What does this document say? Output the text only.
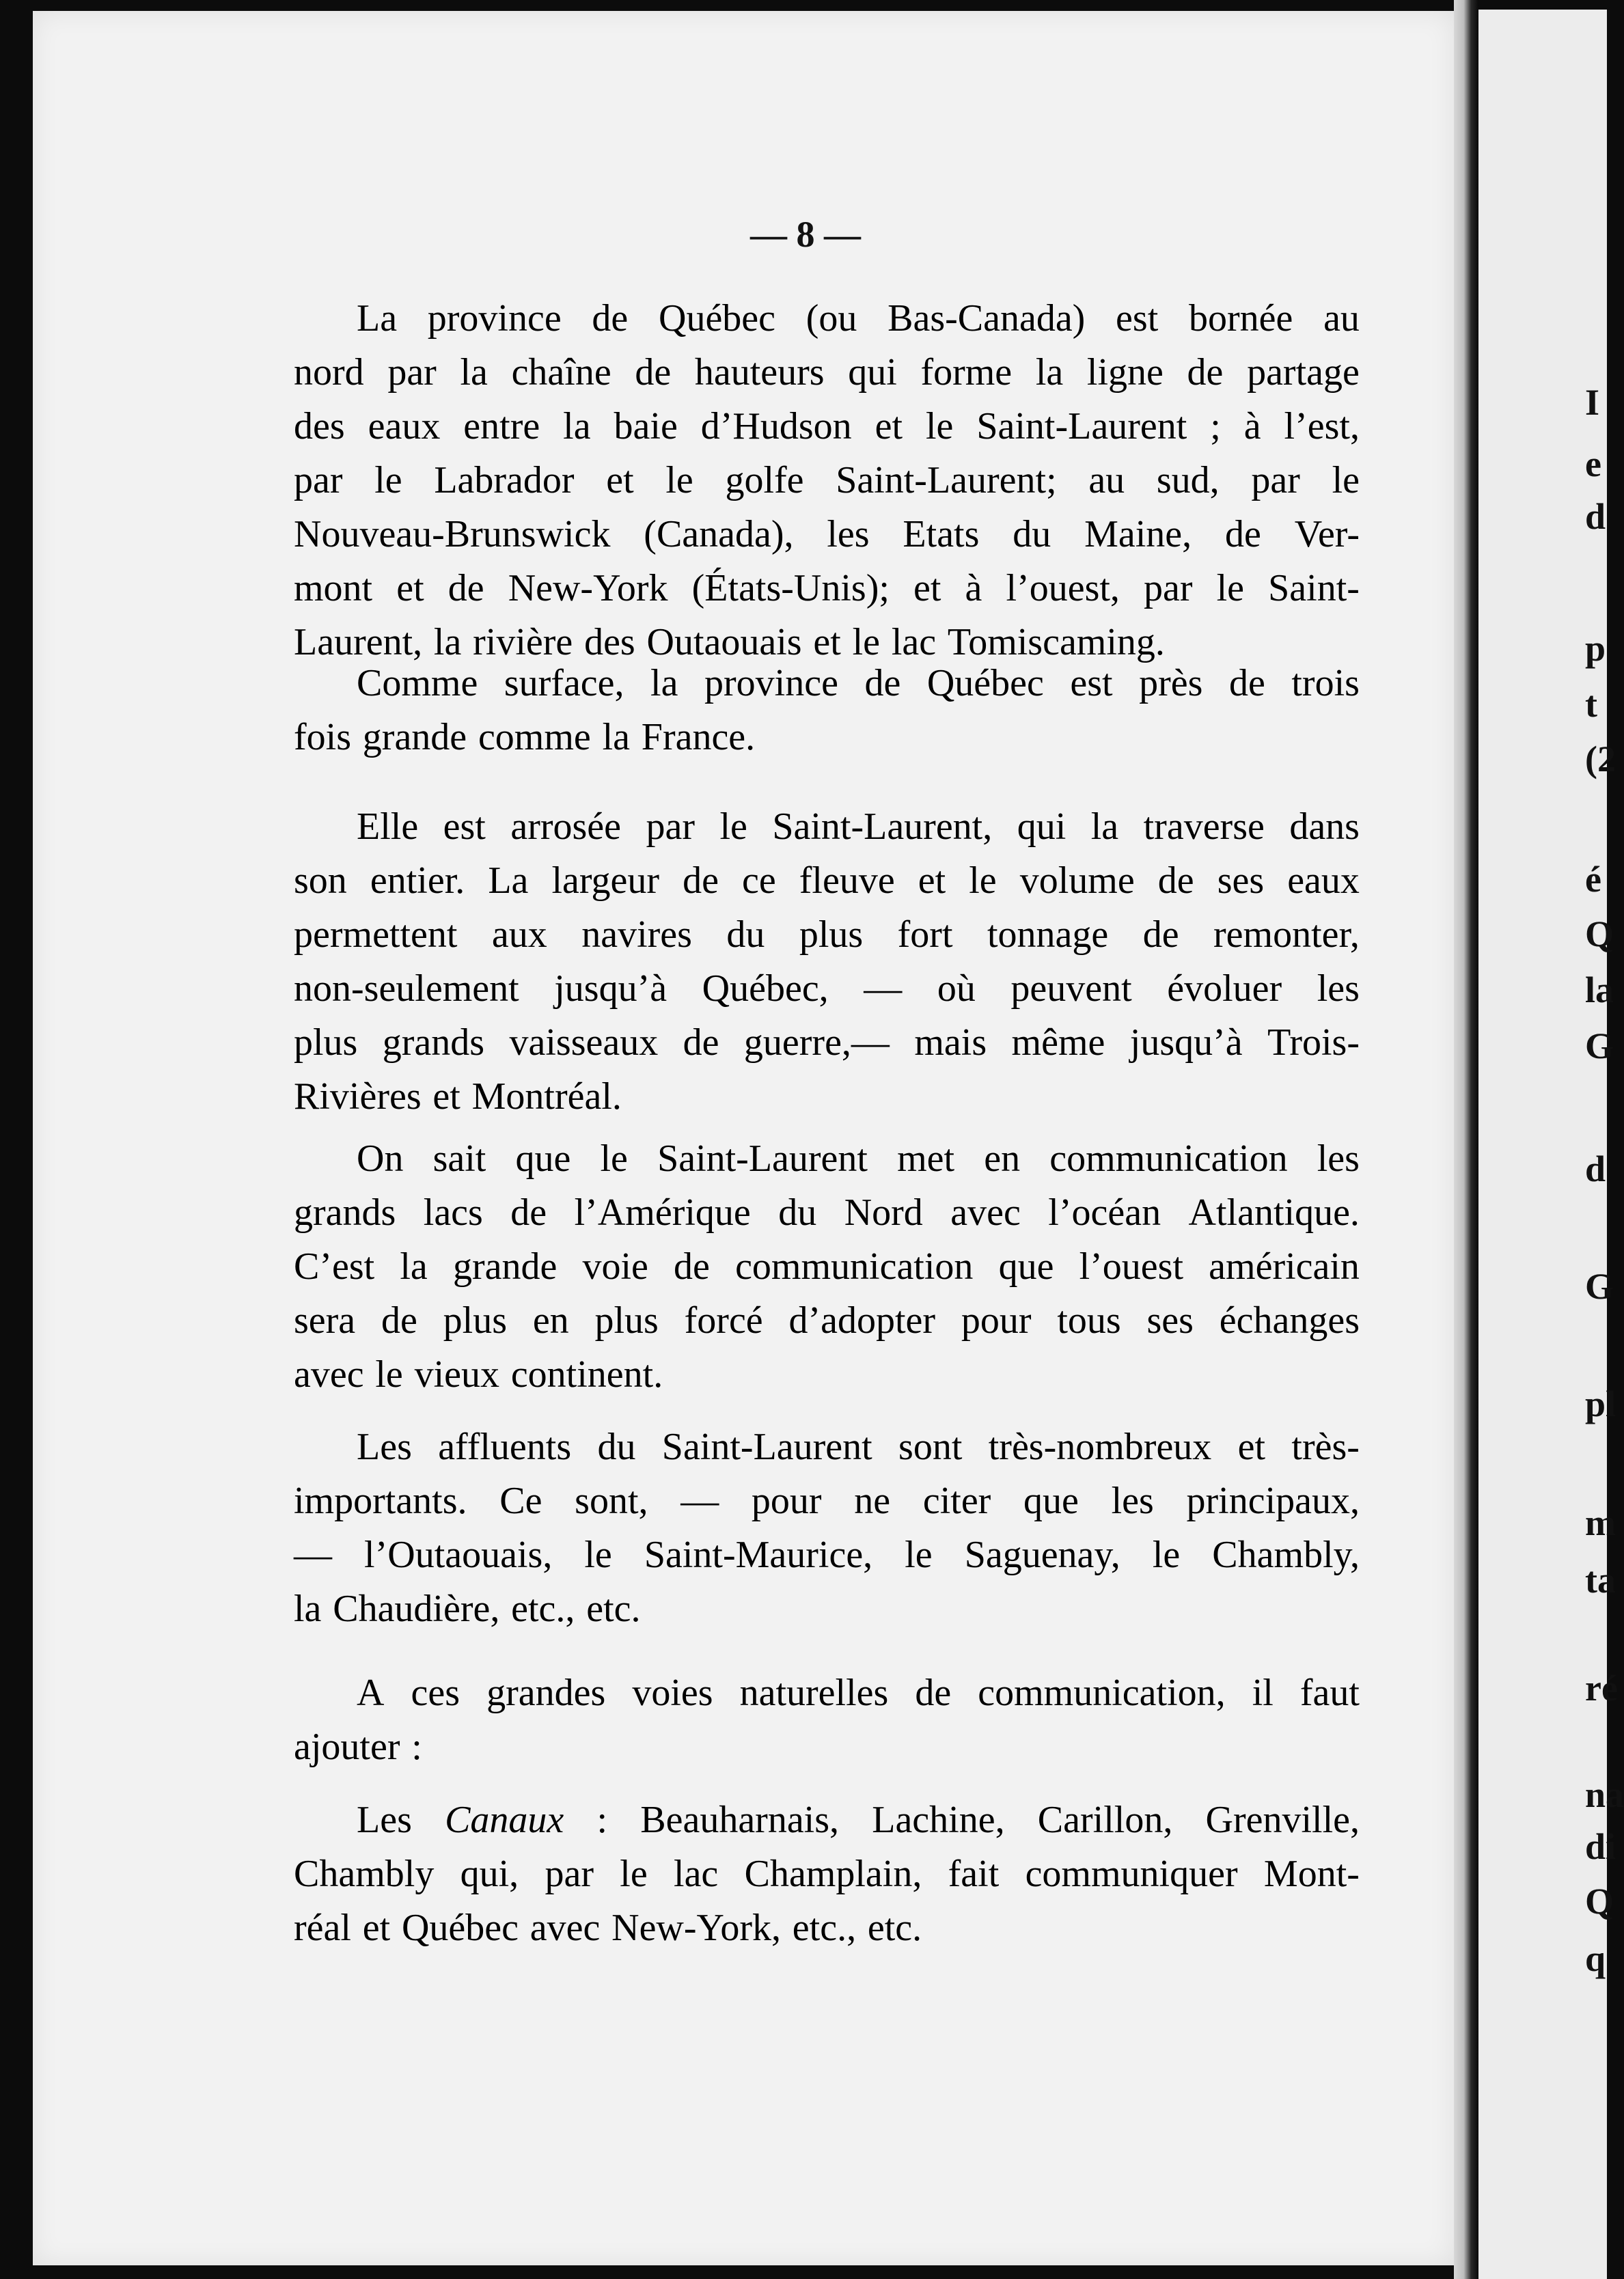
— 8 —
La province de Québec (ou Bas-Canada) est bornée au
nord par la chaîne de hauteurs qui forme la ligne de partage
des eaux entre la baie d’Hudson et le Saint-Laurent ; à l’est,
par le Labrador et le golfe Saint-Laurent; au sud, par le
Nouveau-Brunswick (Canada), les Etats du Maine, de Ver-
mont et de New-York (États-Unis); et à l’ouest, par le Saint-
Laurent, la rivière des Outaouais et le lac Tomiscaming.
Comme surface, la province de Québec est près de trois
fois grande comme la France.
Elle est arrosée par le Saint-Laurent, qui la traverse dans
son entier. La largeur de ce fleuve et le volume de ses eaux
permettent aux navires du plus fort tonnage de remonter,
non-seulement jusqu’à Québec, — où peuvent évoluer les
plus grands vaisseaux de guerre,— mais même jusqu’à Trois-
Rivières et Montréal.
On sait que le Saint-Laurent met en communication les
grands lacs de l’Amérique du Nord avec l’océan Atlantique.
C’est la grande voie de communication que l’ouest américain
sera de plus en plus forcé d’adopter pour tous ses échanges
avec le vieux continent.
Les affluents du Saint-Laurent sont très-nombreux et très-
importants. Ce sont, — pour ne citer que les principaux,
— l’Outaouais, le Saint-Maurice, le Saguenay, le Chambly,
la Chaudière, etc., etc.
A ces grandes voies naturelles de communication, il faut
ajouter :
Les Canaux : Beauharnais, Lachine, Carillon, Grenville,
Chambly qui, par le lac Champlain, fait communiquer Mont-
réal et Québec avec New-York, etc., etc.
I
e
d
p
t
(2
é
Q
la
G
d
G
pl
m
ta
ré
na
di
Q
q
